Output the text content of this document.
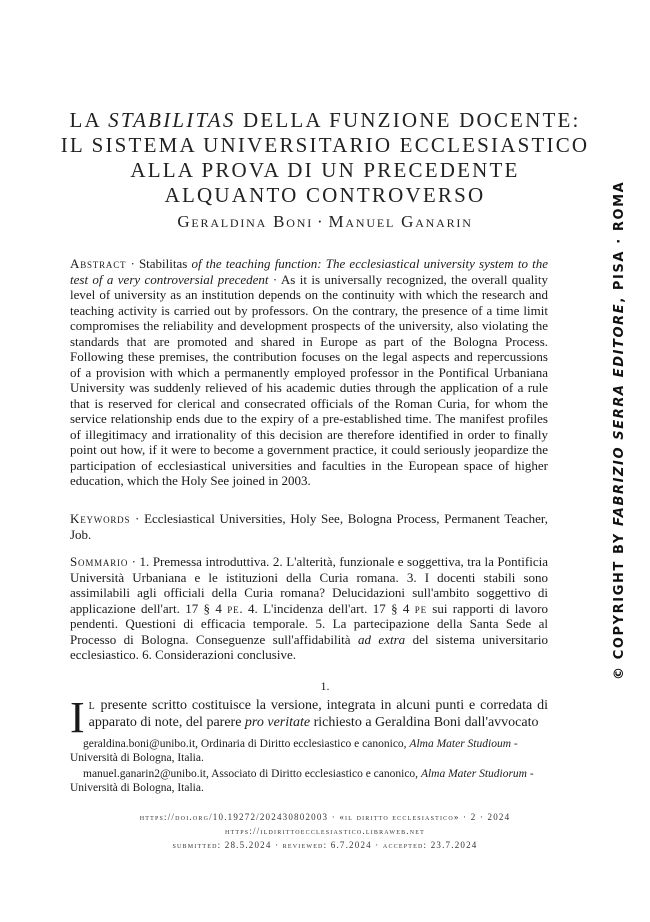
LA STABILITAS DELLA FUNZIONE DOCENTE:
IL SISTEMA UNIVERSITARIO ECCLESIASTICO
ALLA PROVA DI UN PRECEDENTE
ALQUANTO CONTROVERSO
Geraldina Boni · Manuel Ganarin
Abstract · Stabilitas of the teaching function: The ecclesiastical university system to the test of a very controversial precedent · As it is universally recognized, the overall quality level of university as an institution depends on the continuity with which the research and teaching activity is carried out by professors. On the contrary, the presence of a time limit compromises the reliability and development prospects of the university, also violating the standards that are promoted and shared in Europe as part of the Bologna Process. Following these premises, the contribution focuses on the legal aspects and repercussions of a provision with which a permanently employed professor in the Pontifical Urbaniana University was suddenly relieved of his academic duties through the application of a rule that is reserved for clerical and consecrated officials of the Roman Curia, for whom the service relationship ends due to the expiry of a pre-established time. The manifest profiles of illegitimacy and irrationality of this decision are therefore identified in order to finally point out how, if it were to become a government practice, it could seriously jeopardize the participation of ecclesiastical universities and faculties in the European space of higher education, which the Holy See joined in 2003.
Keywords · Ecclesiastical Universities, Holy See, Bologna Process, Permanent Teacher, Job.
Sommario · 1. Premessa introduttiva. 2. L'alterità, funzionale e soggettiva, tra la Pontificia Università Urbaniana e le istituzioni della Curia romana. 3. I docenti stabili sono assimilabili agli officiali della Curia romana? Delucidazioni sull'ambito soggettivo di applicazione dell'art. 17 § 4 pe. 4. L'incidenza dell'art. 17 § 4 pe sui rapporti di lavoro pendenti. Questioni di efficacia temporale. 5. La partecipazione della Santa Sede al Processo di Bologna. Conseguenze sull'affidabilità ad extra del sistema universitario ecclesiastico. 6. Considerazioni conclusive.
1.
Il presente scritto costituisce la versione, integrata in alcuni punti e corredata di apparato di note, del parere pro veritate richiesto a Geraldina Boni dall'avvocato
geraldina.boni@unibo.it, Ordinaria di Diritto ecclesiastico e canonico, Alma Mater Studioum - Università di Bologna, Italia.
manuel.ganarin2@unibo.it, Associato di Diritto ecclesiastico e canonico, Alma Mater Studiorum - Università di Bologna, Italia.
https://doi.org/10.19272/202430802003 · «il diritto ecclesiastico» · 2 · 2024
https://ildirittoecclesiastico.libraweb.net
submitted: 28.5.2024 · reviewed: 6.7.2024 · accepted: 23.7.2024
© COPYRIGHT BY FABRIZIO SERRA EDITORE, PISA · ROMA
